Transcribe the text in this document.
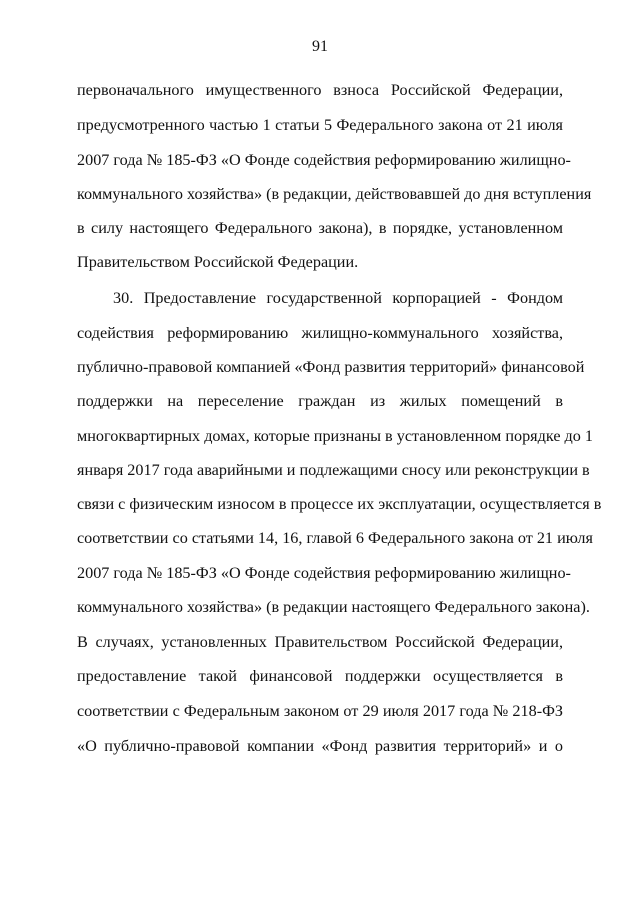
91
первоначального имущественного взноса Российской Федерации,
предусмотренного частью 1 статьи 5 Федерального закона от 21 июля
2007 года № 185-ФЗ «О Фонде содействия реформированию жилищно-
коммунального хозяйства» (в редакции, действовавшей до дня вступления
в силу настоящего Федерального закона), в порядке, установленном
Правительством Российской Федерации.
30. Предоставление государственной корпорацией - Фондом
содействия реформированию жилищно-коммунального хозяйства,
публично-правовой компанией «Фонд развития территорий» финансовой
поддержки на переселение граждан из жилых помещений в
многоквартирных домах, которые признаны в установленном порядке до 1
января 2017 года аварийными и подлежащими сносу или реконструкции в
связи с физическим износом в процессе их эксплуатации, осуществляется в
соответствии со статьями 14, 16, главой 6 Федерального закона от 21 июля
2007 года № 185-ФЗ «О Фонде содействия реформированию жилищно-
коммунального хозяйства» (в редакции настоящего Федерального закона).
В случаях, установленных Правительством Российской Федерации,
предоставление такой финансовой поддержки осуществляется в
соответствии с Федеральным законом от 29 июля 2017 года № 218-ФЗ
«О публично-правовой компании «Фонд развития территорий» и о
